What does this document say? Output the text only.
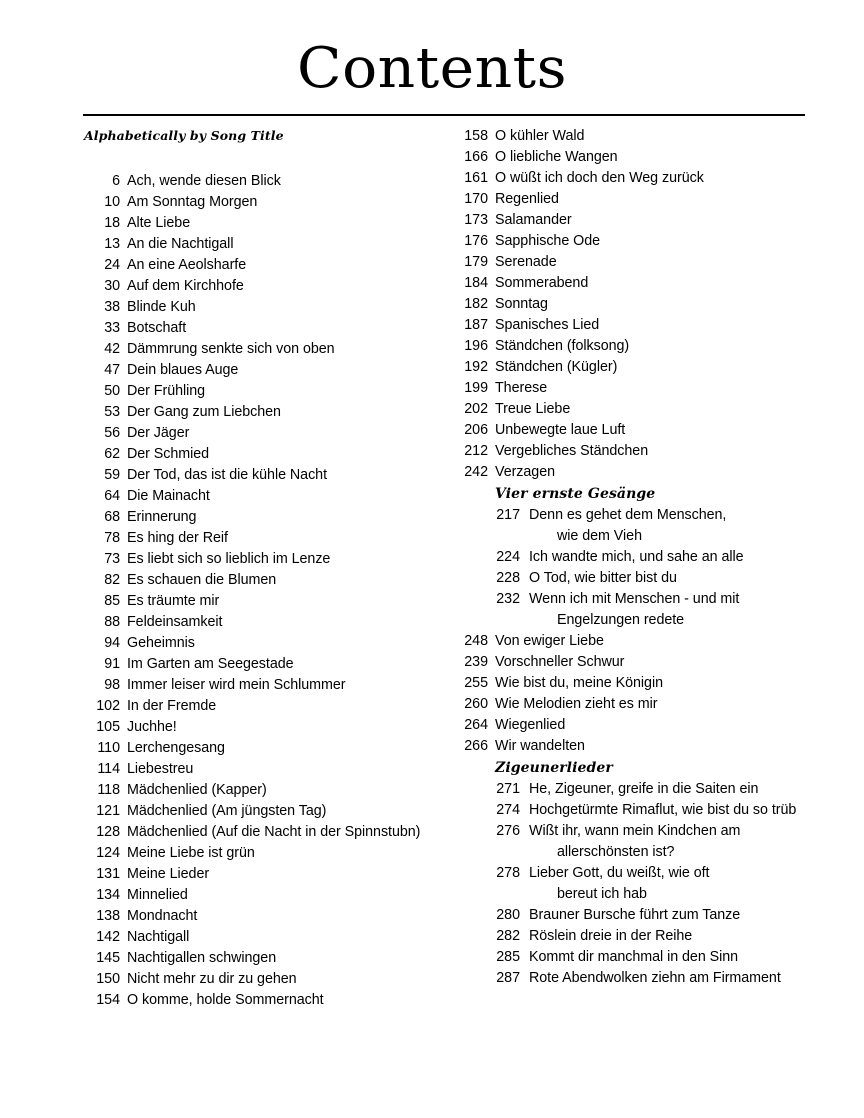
Contents
Alphabetically by Song Title
6 Ach, wende diesen Blick
10 Am Sonntag Morgen
18 Alte Liebe
13 An die Nachtigall
24 An eine Aeolsharfe
30 Auf dem Kirchhofe
38 Blinde Kuh
33 Botschaft
42 Dämmrung senkte sich von oben
47 Dein blaues Auge
50 Der Frühling
53 Der Gang zum Liebchen
56 Der Jäger
62 Der Schmied
59 Der Tod, das ist die kühle Nacht
64 Die Mainacht
68 Erinnerung
78 Es hing der Reif
73 Es liebt sich so lieblich im Lenze
82 Es schauen die Blumen
85 Es träumte mir
88 Feldeinsamkeit
94 Geheimnis
91 Im Garten am Seegestade
98 Immer leiser wird mein Schlummer
102 In der Fremde
105 Juchhe!
110 Lerchengesang
114 Liebestreu
118 Mädchenlied (Kapper)
121 Mädchenlied (Am jüngsten Tag)
128 Mädchenlied (Auf die Nacht in der Spinnstubn)
124 Meine Liebe ist grün
131 Meine Lieder
134 Minnelied
138 Mondnacht
142 Nachtigall
145 Nachtigallen schwingen
150 Nicht mehr zu dir zu gehen
154 O komme, holde Sommernacht
158 O kühler Wald
166 O liebliche Wangen
161 O wüßt ich doch den Weg zurück
170 Regenlied
173 Salamander
176 Sapphische Ode
179 Serenade
184 Sommerabend
182 Sonntag
187 Spanisches Lied
196 Ständchen (folksong)
192 Ständchen (Kügler)
199 Therese
202 Treue Liebe
206 Unbewegte laue Luft
212 Vergebliches Ständchen
242 Verzagen
Vier ernste Gesänge
217 Denn es gehet dem Menschen,
wie dem Vieh
224 Ich wandte mich, und sahe an alle
228 O Tod, wie bitter bist du
232 Wenn ich mit Menschen - und mit
Engelzungen redete
248 Von ewiger Liebe
239 Vorschneller Schwur
255 Wie bist du, meine Königin
260 Wie Melodien zieht es mir
264 Wiegenlied
266 Wir wandelten
Zigeunerlieder
271 He, Zigeuner, greife in die Saiten ein
274 Hochgetürmte Rimaflut, wie bist du so trüb
276 Wißt ihr, wann mein Kindchen am
allerschönsten ist?
278 Lieber Gott, du weißt, wie oft
bereut ich hab
280 Brauner Bursche führt zum Tanze
282 Röslein dreie in der Reihe
285 Kommt dir manchmal in den Sinn
287 Rote Abendwolken ziehn am Firmament
